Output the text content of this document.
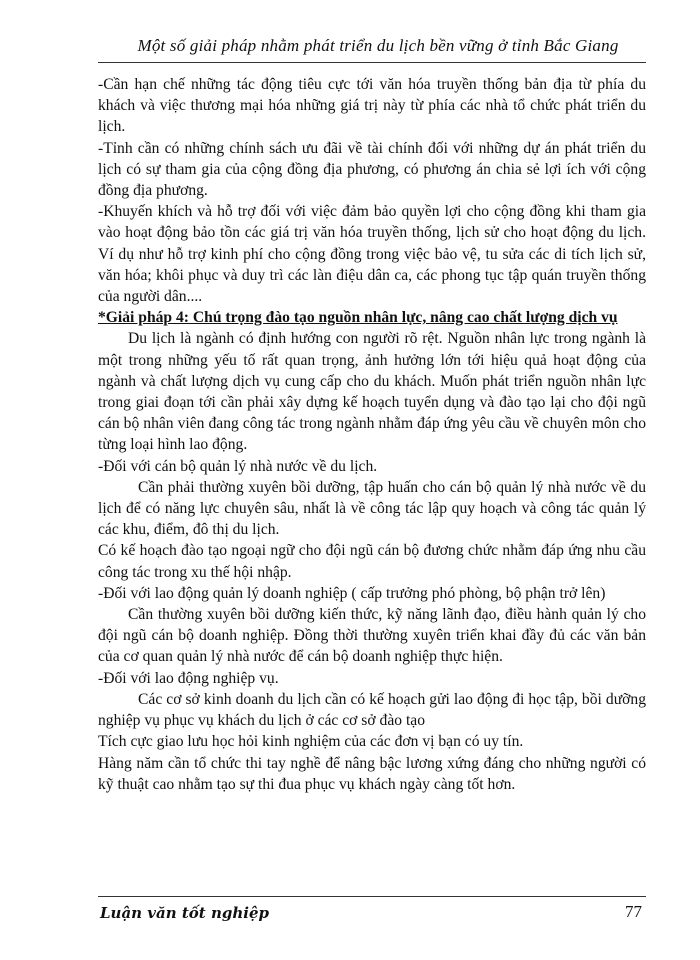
Một số giải pháp nhằm phát triển du lịch bền vững ở tỉnh Bắc Giang

-Cần hạn chế những tác động tiêu cực tới văn hóa truyền thống bản địa từ phía du khách và việc thương mại hóa những giá trị này từ phía các nhà tổ chức phát triển du lịch.

-Tỉnh cần có những chính sách ưu đãi về tài chính đối với những dự án phát triển du lịch có sự tham gia của cộng đồng địa phương, có phương án chia sẻ lợi ích với cộng đồng địa phương.

-Khuyến khích và hỗ trợ đối với việc đảm bảo quyền lợi cho cộng đồng khi tham gia vào hoạt động bảo tồn các giá trị văn hóa truyền thống, lịch sử cho hoạt động du lịch. Ví dụ như hỗ trợ kinh phí cho cộng đồng trong việc bảo vệ, tu sửa các di tích lịch sử, văn hóa; khôi phục và duy trì các làn điệu dân ca, các phong tục tập quán truyền thống của người dân....

*Giải pháp 4: Chú trọng đào tạo nguồn nhân lực, nâng cao chất lượng dịch vụ

Du lịch là ngành có định hướng con người rõ rệt. Nguồn nhân lực trong ngành là một trong những yếu tố rất quan trọng, ảnh hưởng lớn tới hiệu quả hoạt động của ngành và chất lượng dịch vụ cung cấp cho du khách. Muốn phát triển nguồn nhân lực trong giai đoạn tới cần phải xây dựng kế hoạch tuyển dụng và đào tạo lại cho đội ngũ cán bộ nhân viên đang công tác trong ngành nhằm đáp ứng yêu cầu về chuyên môn cho từng loại hình lao động.

-Đối với cán bộ quản lý nhà nước về du lịch.

Cần phải thường xuyên bồi dưỡng, tập huấn cho cán bộ quản lý nhà nước về du lịch để có năng lực chuyên sâu, nhất là về công tác lập quy hoạch và công tác quản lý các khu, điểm, đô thị du lịch.

Có kế hoạch đào tạo ngoại ngữ cho đội ngũ cán bộ đương chức nhằm đáp ứng nhu cầu công tác trong xu thế hội nhập.

-Đối với lao động quản lý doanh nghiệp ( cấp trưởng phó phòng, bộ phận trở lên)

Cần thường xuyên bồi dưỡng kiến thức, kỹ năng lãnh đạo, điều hành quản lý cho đội ngũ cán bộ doanh nghiệp. Đồng thời thường xuyên triển khai đầy đủ các văn bản của cơ quan quản lý nhà nước để cán bộ doanh nghiệp thực hiện.

-Đối với lao động nghiệp vụ.

Các cơ sở kinh doanh du lịch cần có kế hoạch gửi lao động đi học tập, bồi dưỡng nghiệp vụ phục vụ khách du lịch ở các cơ sở đào tạo

Tích cực giao lưu học hỏi kinh nghiệm của các đơn vị bạn có uy tín.

Hàng năm cần tổ chức thi tay nghề để nâng bậc lương xứng đáng cho những người có kỹ thuật cao nhằm tạo sự thi đua phục vụ khách ngày càng tốt hơn.

Luận văn tốt nghiệp	77
